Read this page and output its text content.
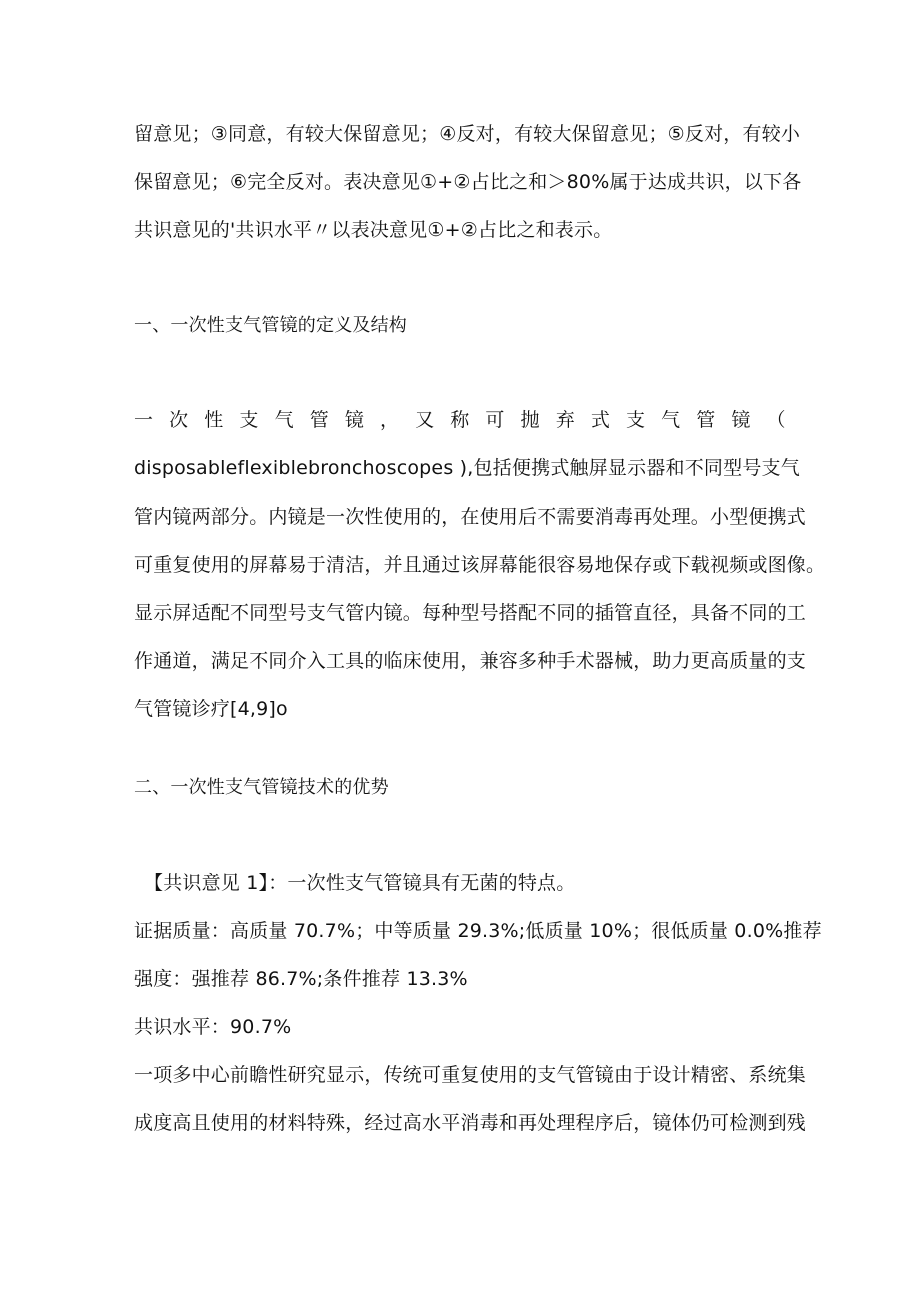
留意见；③同意，有较大保留意见；④反对，有较大保留意见；⑤反对，有较小
保留意见；⑥完全反对。表决意见①+②占比之和＞80%属于达成共识，以下各
共识意见的'共识水平〃以表决意见①+②占比之和表示。
一、一次性支气管镜的定义及结构
一 次 性 支 气 管 镜 ， 又 称 可 抛 弃 式 支 气 管 镜 （
disposableflexiblebronchoscopes ),包括便携式触屏显示器和不同型号支气
管内镜两部分。内镜是一次性使用的，在使用后不需要消毒再处理。小型便携式
可重复使用的屏幕易于清洁，并且通过该屏幕能很容易地保存或下载视频或图像。
显示屏适配不同型号支气管内镜。每种型号搭配不同的插管直径，具备不同的工
作通道，满足不同介入工具的临床使用，兼容多种手术器械，助力更高质量的支
气管镜诊疗[4,9]o
二、一次性支气管镜技术的优势
【共识意见 1】：一次性支气管镜具有无菌的特点。
证据质量：高质量 70.7%；中等质量 29.3%;低质量 10%；很低质量 0.0%推荐
强度：强推荐 86.7%;条件推荐 13.3%
共识水平：90.7%
一项多中心前瞻性研究显示，传统可重复使用的支气管镜由于设计精密、系统集
成度高且使用的材料特殊，经过高水平消毒和再处理程序后，镜体仍可检测到残
